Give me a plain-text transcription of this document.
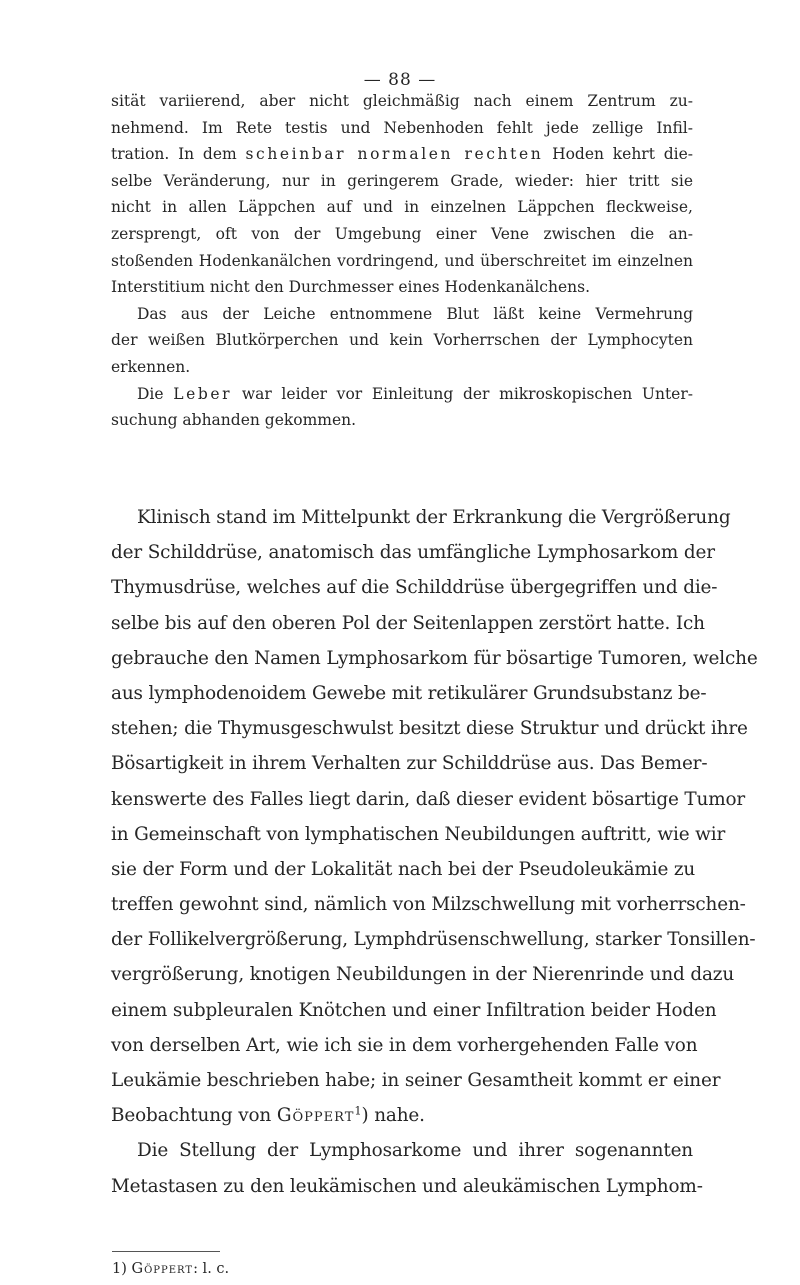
— 88 —
sität variierend, aber nicht gleichmäßig nach einem Zentrum zu-
nehmend. Im Rete testis und Nebenhoden fehlt jede zellige Infil-
tration. In dem scheinbar normalen rechten Hoden kehrt die-
selbe Veränderung, nur in geringerem Grade, wieder: hier tritt sie
nicht in allen Läppchen auf und in einzelnen Läppchen fleckweise,
zersprengt, oft von der Umgebung einer Vene zwischen die an-
stoßenden Hodenkanälchen vordringend, und überschreitet im einzelnen
Interstitium nicht den Durchmesser eines Hodenkanälchens.
Das aus der Leiche entnommene Blut läßt keine Vermehrung
der weißen Blutkörperchen und kein Vorherrschen der Lymphocyten
erkennen.
Die Leber war leider vor Einleitung der mikroskopischen Unter-
suchung abhanden gekommen.
Klinisch stand im Mittelpunkt der Erkrankung die Vergrößerung
der Schilddrüse, anatomisch das umfängliche Lymphosarkom der
Thymusdrüse, welches auf die Schilddrüse übergegriffen und die-
selbe bis auf den oberen Pol der Seitenlappen zerstört hatte. Ich
gebrauche den Namen Lymphosarkom für bösartige Tumoren, welche
aus lymphodenoidem Gewebe mit retikulärer Grundsubstanz be-
stehen; die Thymusgeschwulst besitzt diese Struktur und drückt ihre
Bösartigkeit in ihrem Verhalten zur Schilddrüse aus. Das Bemer-
kenswerte des Falles liegt darin, daß dieser evident bösartige Tumor
in Gemeinschaft von lymphatischen Neubildungen auftritt, wie wir
sie der Form und der Lokalität nach bei der Pseudoleukämie zu
treffen gewohnt sind, nämlich von Milzschwellung mit vorherrschen-
der Follikelvergrößerung, Lymphdrüsenschwellung, starker Tonsillen-
vergrößerung, knotigen Neubildungen in der Nierenrinde und dazu
einem subpleuralen Knötchen und einer Infiltration beider Hoden
von derselben Art, wie ich sie in dem vorhergehenden Falle von
Leukämie beschrieben habe; in seiner Gesamtheit kommt er einer
Beobachtung von Göppert$^1$) nahe.
Die Stellung der Lymphosarkome und ihrer sogenannten
Metastasen zu den leukämischen und aleukämischen Lymphom-
1) Göppert: l. c.
